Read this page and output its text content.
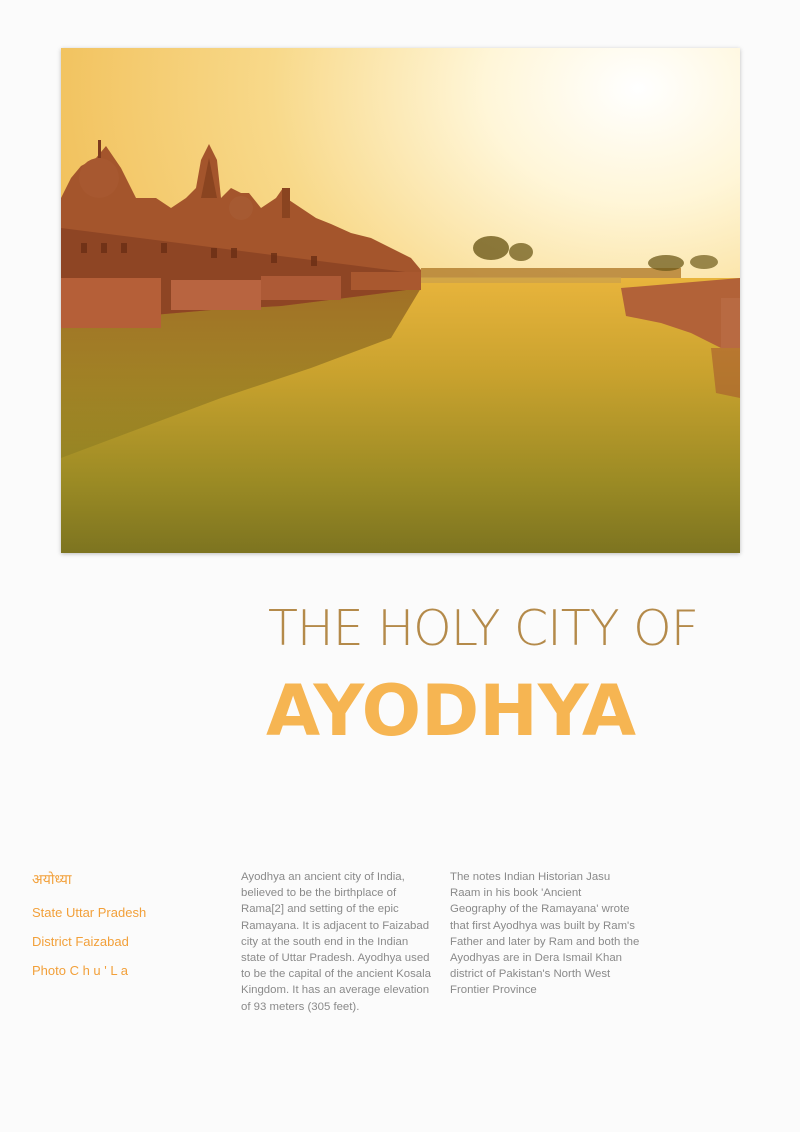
THE HOLY CITY OF
AYODHYA
अयोध्या
State Uttar Pradesh
District Faizabad
Photo C h u ' L a
Ayodhya an ancient city of India, believed to be the birthplace of Rama[2] and setting of the epic Ramayana. It is adjacent to Faizabad city at the south end in the Indian state of Uttar Pradesh. Ayodhya used to be the capital of the ancient Kosala Kingdom. It has an average elevation of 93 meters (305 feet).
The notes Indian Historian Jasu Raam in his book 'Ancient Geography of the Ramayana' wrote that first Ayodhya was built by Ram's Father and later by Ram and both the Ayodhyas are in Dera Ismail Khan district of Pakistan's North West Frontier Province
